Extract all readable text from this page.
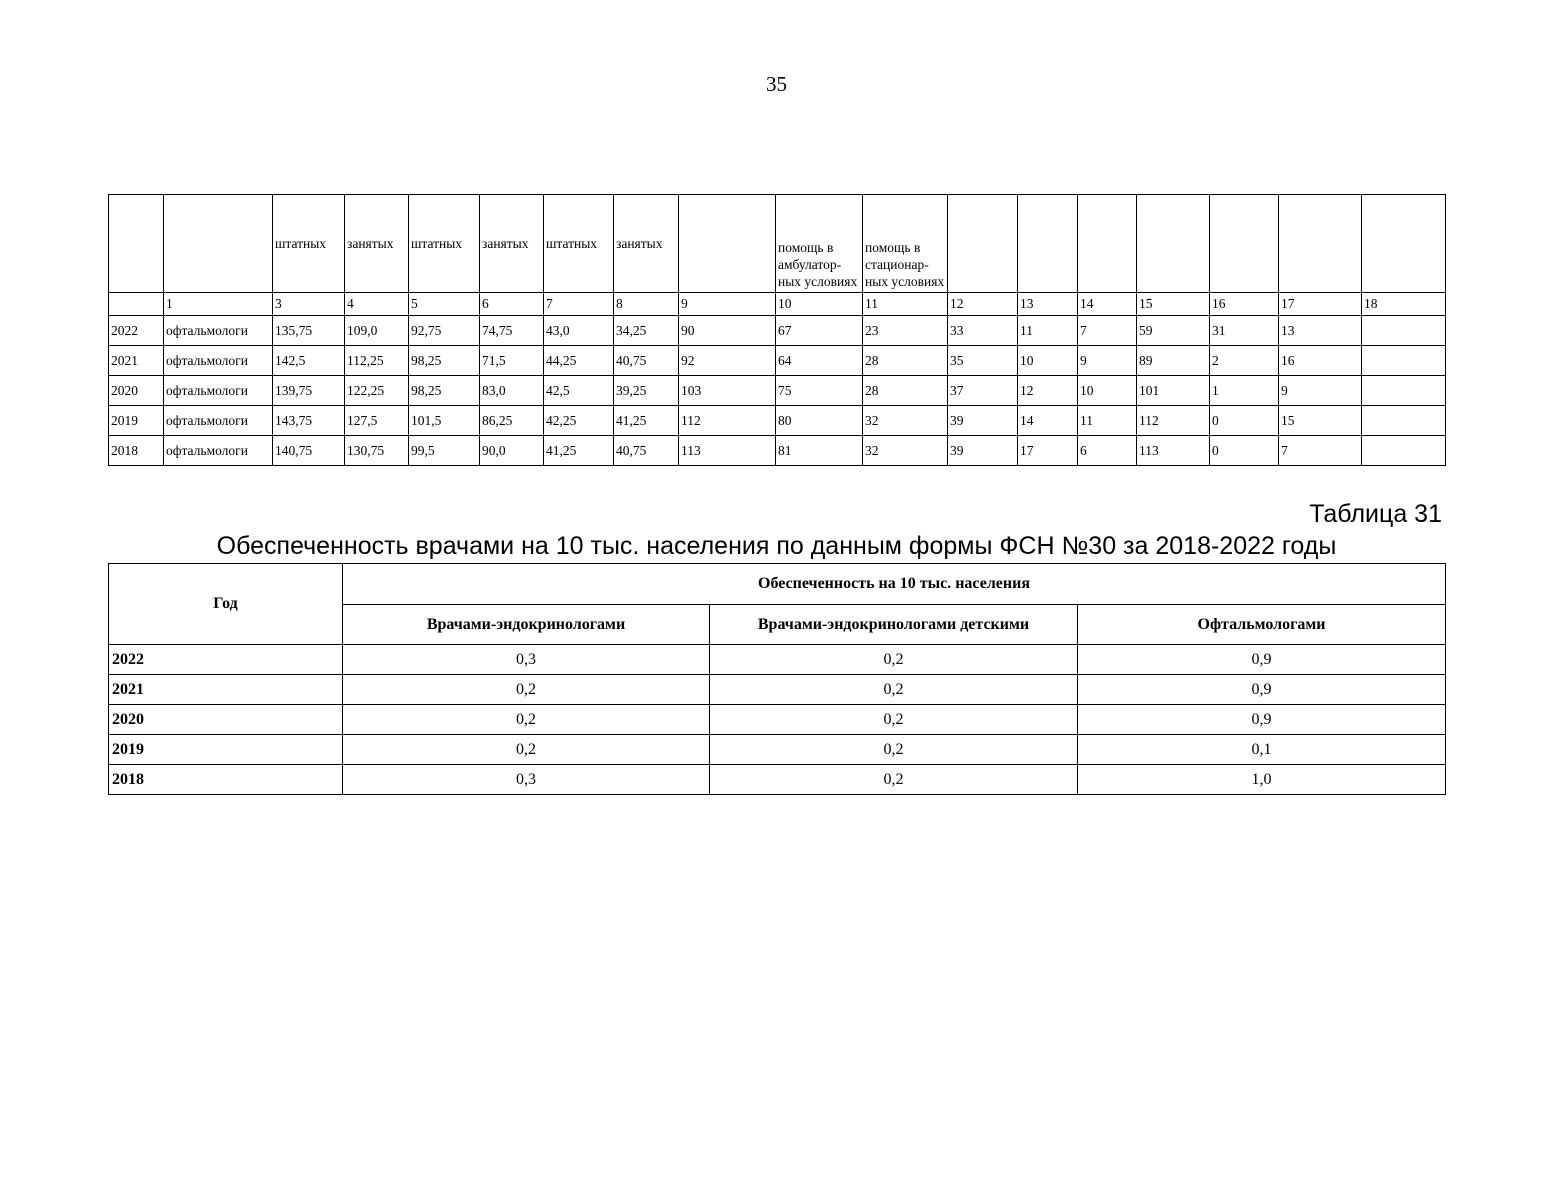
35
		штатных	занятых	штатных	занятых	штатных	занятых		помощь в амбулатор-ных условиях	помощь в стационар-ных условиях							
	1	3	4	5	6	7	8	9	10	11	12	13	14	15	16	17	18
2022	офтальмологи	135,75	109,0	92,75	74,75	43,0	34,25	90	67	23	33	11	7	59	31	13	
2021	офтальмологи	142,5	112,25	98,25	71,5	44,25	40,75	92	64	28	35	10	9	89	2	16	
2020	офтальмологи	139,75	122,25	98,25	83,0	42,5	39,25	103	75	28	37	12	10	101	1	9	
2019	офтальмологи	143,75	127,5	101,5	86,25	42,25	41,25	112	80	32	39	14	11	112	0	15	
2018	офтальмологи	140,75	130,75	99,5	90,0	41,25	40,75	113	81	32	39	17	6	113	0	7	
Таблица 31
Обеспеченность врачами на 10 тыс. населения по данным формы ФСН №30 за 2018-2022 годы
Год	Обеспеченность на 10 тыс. населения		
	Врачами-эндокринологами	Врачами-эндокринологами детскими	Офтальмологами
2022	0,3	0,2	0,9
2021	0,2	0,2	0,9
2020	0,2	0,2	0,9
2019	0,2	0,2	0,1
2018	0,3	0,2	1,0
